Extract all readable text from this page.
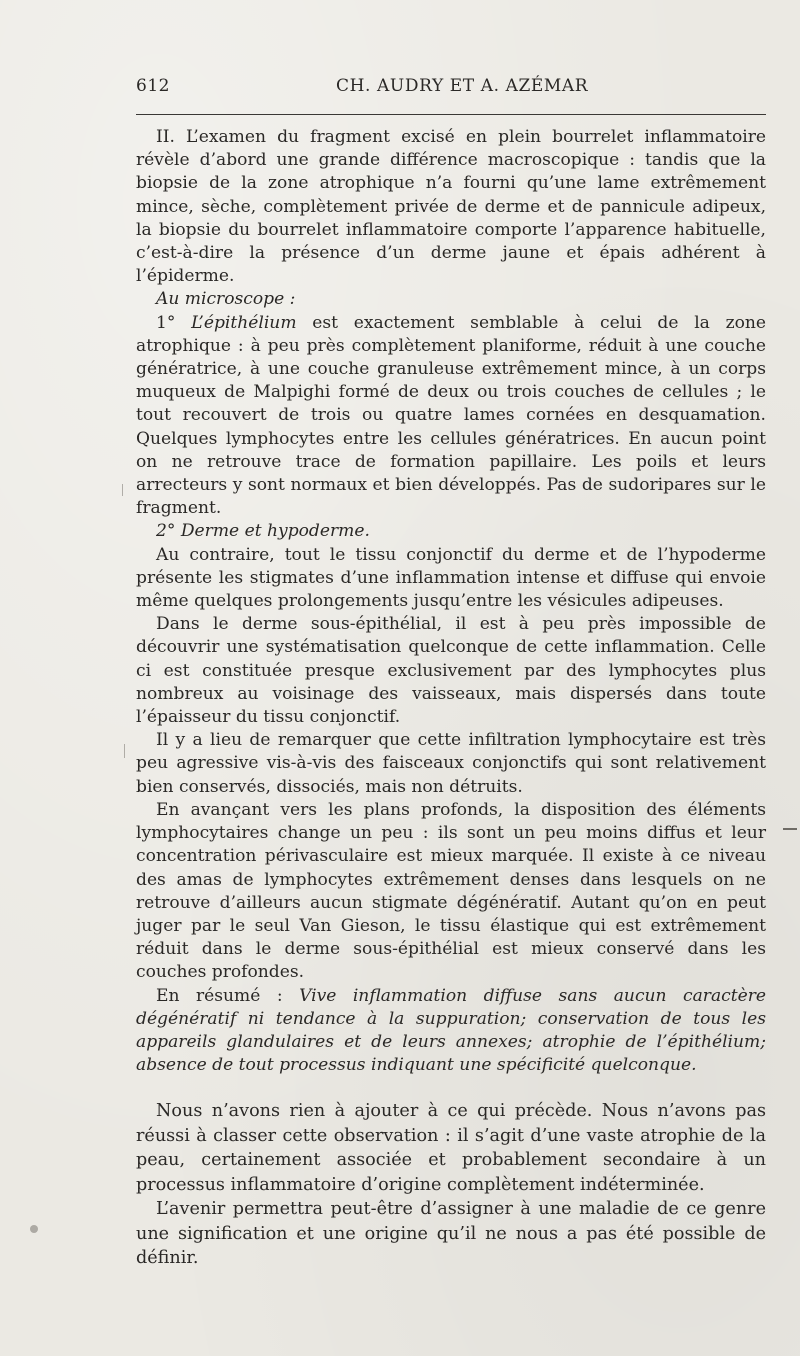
612	CH. AUDRY ET A. AZÉMAR

II. L’examen du fragment excisé en plein bourrelet inflammatoire révèle d’abord une grande différence macroscopique : tandis que la biopsie de la zone atrophique n’a fourni qu’une lame extrêmement mince, sèche, complètement privée de derme et de pannicule adipeux, la biopsie du bourrelet inflammatoire comporte l’apparence habituelle, c’est-à-dire la présence d’un derme jaune et épais adhérent à l’épiderme.

Au microscope :

1° L’épithélium est exactement semblable à celui de la zone atrophique : à peu près complètement planiforme, réduit à une couche génératrice, à une couche granuleuse extrêmement mince, à un corps muqueux de Malpighi formé de deux ou trois couches de cellules ; le tout recouvert de trois ou quatre lames cornées en desquamation. Quelques lymphocytes entre les cellules génératrices. En aucun point on ne retrouve trace de formation papillaire. Les poils et leurs arrecteurs y sont normaux et bien développés. Pas de sudoripares sur le fragment.

2° Derme et hypoderme.

Au contraire, tout le tissu conjonctif du derme et de l’hypoderme présente les stigmates d’une inflammation intense et diffuse qui envoie même quelques prolongements jusqu’entre les vésicules adipeuses.

Dans le derme sous-épithélial, il est à peu près impossible de découvrir une systématisation quelconque de cette inflammation. Celle ci est constituée presque exclusivement par des lymphocytes plus nombreux au voisinage des vaisseaux, mais dispersés dans toute l’épaisseur du tissu conjonctif.

Il y a lieu de remarquer que cette infiltration lymphocytaire est très peu agressive vis-à-vis des faisceaux conjonctifs qui sont relativement bien conservés, dissociés, mais non détruits.

En avançant vers les plans profonds, la disposition des éléments lymphocytaires change un peu : ils sont un peu moins diffus et leur concentration périvasculaire est mieux marquée. Il existe à ce niveau des amas de lymphocytes extrêmement denses dans lesquels on ne retrouve d’ailleurs aucun stigmate dégénératif. Autant qu’on en peut juger par le seul Van Gieson, le tissu élastique qui est extrêmement réduit dans le derme sous-épithélial est mieux conservé dans les couches profondes.

En résumé : Vive inflammation diffuse sans aucun caractère dégénératif ni tendance à la suppuration; conservation de tous les appareils glandulaires et de leurs annexes; atrophie de l’épithélium; absence de tout processus indiquant une spécificité quelconque.

Nous n’avons rien à ajouter à ce qui précède. Nous n’avons pas réussi à classer cette observation : il s’agit d’une vaste atrophie de la peau, certainement associée et probablement secondaire à un processus inflammatoire d’origine complètement indéterminée.

L’avenir permettra peut-être d’assigner à une maladie de ce genre une signification et une origine qu’il ne nous a pas été possible de définir.
